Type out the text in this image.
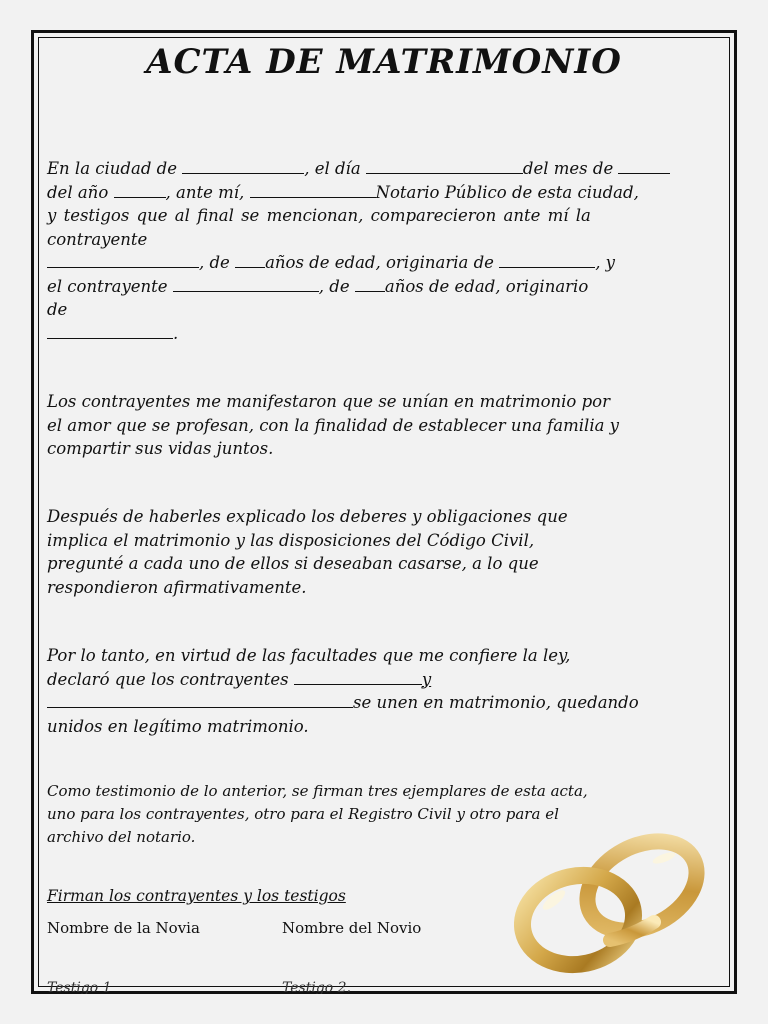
ACTA DE MATRIMONIO

En la ciudad de	, el día	del mes de

del año	, ante mí,	Notario Público de esta ciudad,

y testigos que al final se mencionan, comparecieron ante mí la

contrayente

, de años de edad, originaria de	, y

el contrayente	, de años de edad, originario

de

.

Los contrayentes me manifestaron que se unían en matrimonio por

el amor que se profesan, con la finalidad de establecer una familia y

compartir sus vidas juntos.

Después de haberles explicado los deberes y obligaciones que

implica el matrimonio y las disposiciones del Código Civil,

pregunté a cada uno de ellos si deseaban casarse, a lo que

respondieron afirmativamente.

Por lo tanto, en virtud de las facultades que me confiere la ley,

declaró que los contrayentes	y

se unen en matrimonio, quedando

unidos en legítimo matrimonio.

Como testimonio de lo anterior, se firman tres ejemplares de esta acta,

uno para los contrayentes, otro para el Registro Civil y otro para el

archivo del notario.

Firman los contrayentes y los testigos
Nombre de la Novia	Nombre del Novio
Testigo 1	Testigo 2.
